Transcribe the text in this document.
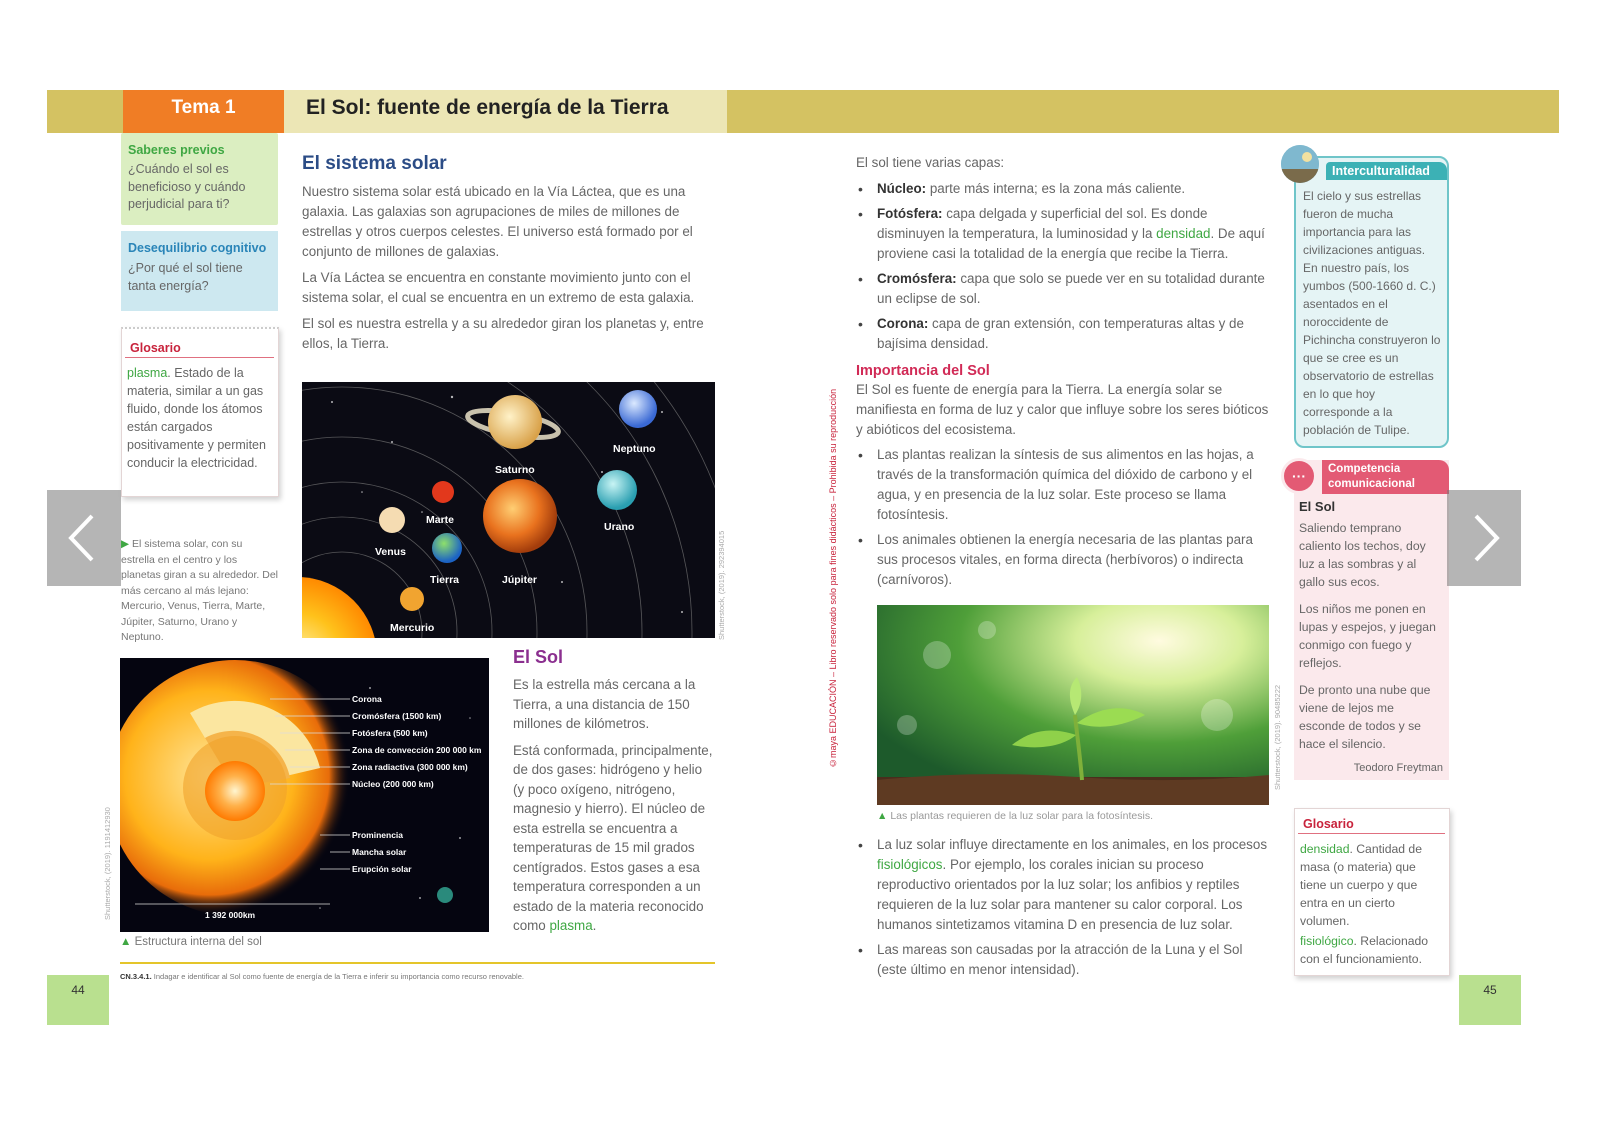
Tema 1	El Sol: fuente de energía de la Tierra
Saberes previos
¿Cuándo el sol es beneficioso y cuándo perjudicial para ti?
Desequilibrio cognitivo
¿Por qué el sol tiene tanta energía?
Glosario
plasma. Estado de la materia, similar a un gas fluido, donde los átomos están cargados positivamente y permiten conducir la electricidad.
▶ El sistema solar, con su estrella en el centro y los planetas giran a su alrededor. Del más cercano al más lejano: Mercurio, Venus, Tierra, Marte, Júpiter, Saturno, Urano y Neptuno.
El sistema solar

Nuestro sistema solar está ubicado en la Vía Láctea, que es una galaxia. Las galaxias son agrupaciones de miles de millones de estrellas y otros cuerpos celestes. El universo está formado por el conjunto de millones de galaxias.

La Vía Láctea se encuentra en constante movimiento junto con el sistema solar, el cual se encuentra en un extremo de esta galaxia.

El sol es nuestra estrella y a su alrededor giran los planetas y, entre ellos, la Tierra.

Saturno
Neptuno
Marte
Venus
Urano
Tierra	Júpiter
Mercurio	Shutterstock, (2019). 292394015
Corona
Cromósfera (1500 km)
Fotósfera (500 km)
Zona de convección 200 000 km
Zona radiactiva (300 000 km)
Núcleo (200 000 km)
Prominencia
Mancha solar
Erupción solar
1 392 000km
Shutterstock, (2019). 1191412930
▲ Estructura interna del sol
El Sol

Es la estrella más cercana a la Tierra, a una distancia de 150 millones de kilómetros.

Está conformada, principalmente, de dos gases: hidrógeno y helio (y poco oxígeno, nitrógeno, magnesio y hierro). El núcleo de esta estrella se encuentra a temperaturas de 15 mil grados centígrados. Estos gases a esa temperatura corresponden a un estado de la materia reconocido como plasma.

CN.3.4.1. Indagar e identificar al Sol como fuente de energía de la Tierra e inferir su importancia como recurso renovable.
44
©maya EDUCACIÓN – Libro reservado solo para fines didácticos – Prohibida su reproducción

El sol tiene varias capas:

• Núcleo: parte más interna; es la zona más caliente.
• Fotósfera: capa delgada y superficial del sol. Es donde disminuyen la temperatura, la luminosidad y la densidad. De aquí proviene casi la totalidad de la energía que recibe la Tierra.
• Cromósfera: capa que solo se puede ver en su totalidad durante un eclipse de sol.
• Corona: capa de gran extensión, con temperaturas altas y de bajísima densidad.
Importancia del Sol

El Sol es fuente de energía para la Tierra. La energía solar se manifiesta en forma de luz y calor que influye sobre los seres bióticos y abióticos del ecosistema.

• Las plantas realizan la síntesis de sus alimentos en las hojas, a través de la transformación química del dióxido de carbono y el agua, y en presencia de la luz solar. Este proceso se llama fotosíntesis.
• Los animales obtienen la energía necesaria de las plantas para sus procesos vitales, en forma directa (herbívoros) o indirecta (carnívoros).
Shutterstock, (2019). 90485222
▲ Las plantas requieren de la luz solar para la fotosíntesis.
• La luz solar influye directamente en los animales, en los procesos fisiológicos. Por ejemplo, los corales inician su proceso reproductivo orientados por la luz solar; los anfibios y reptiles requieren de la luz solar para mantener su calor corporal. Los humanos sintetizamos vitamina D en presencia de luz solar.
• Las mareas son causadas por la atracción de la Luna y el Sol (este último en menor intensidad).
Interculturalidad
El cielo y sus estrellas fueron de mucha importancia para las civilizaciones antiguas. En nuestro país, los yumbos (500-1660 d. C.) asentados en el noroccidente de Pichincha construyeron lo que se cree es un observatorio de estrellas en lo que hoy corresponde a la población de Tulipe.
Competencia
comunicacional
El Sol

Saliendo temprano caliento los techos, doy luz a las sombras y al gallo sus ecos.

Los niños me ponen en lupas y espejos, y juegan conmigo con fuego y reflejos.

De pronto una nube que viene de lejos me esconde de todos y se hace el silencio.

Teodoro Freytman
···
Glosario

densidad. Cantidad de masa (o materia) que tiene un cuerpo y que entra en un cierto volumen.

fisiológico. Relacionado con el funcionamiento.

45
